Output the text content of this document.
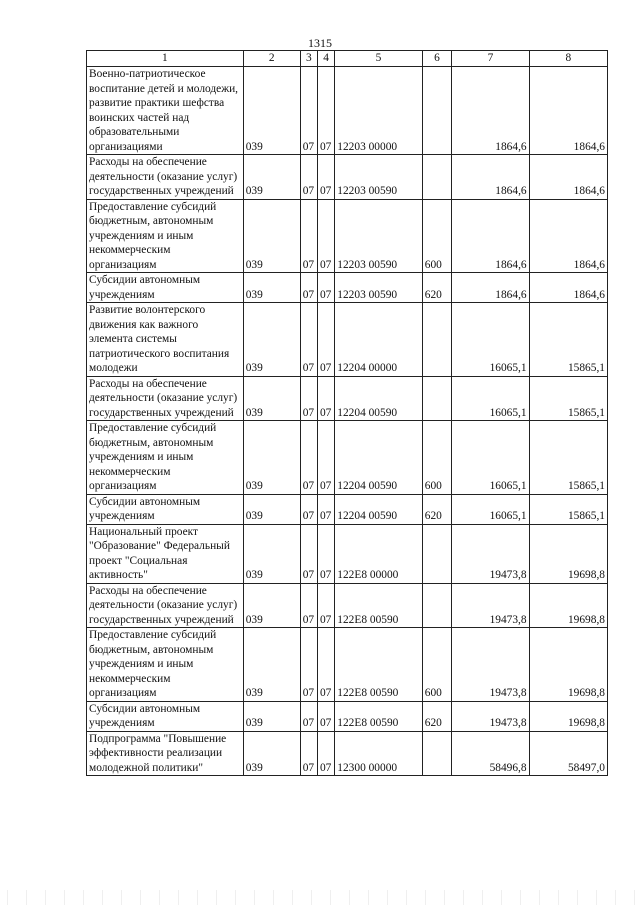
1315
1	2	3	4	5	6	7	8
Военно-патриотическое воспитание детей и молодежи, развитие практики шефства воинских частей над образовательными организациями	039	07	07	12203 00000		1864,6	1864,6
Расходы на обеспечение деятельности (оказание услуг) государственных учреждений	039	07	07	12203 00590		1864,6	1864,6
Предоставление субсидий бюджетным, автономным учреждениям и иным некоммерческим организациям	039	07	07	12203 00590	600	1864,6	1864,6
Субсидии автономным учреждениям	039	07	07	12203 00590	620	1864,6	1864,6
Развитие волонтерского движения как важного элемента системы патриотического воспитания молодежи	039	07	07	12204 00000		16065,1	15865,1
Расходы на обеспечение деятельности (оказание услуг) государственных учреждений	039	07	07	12204 00590		16065,1	15865,1
Предоставление субсидий бюджетным, автономным учреждениям и иным некоммерческим организациям	039	07	07	12204 00590	600	16065,1	15865,1
Субсидии автономным учреждениям	039	07	07	12204 00590	620	16065,1	15865,1
Национальный проект "Образование" Федеральный проект "Социальная активность"	039	07	07	122E8 00000		19473,8	19698,8
Расходы на обеспечение деятельности (оказание услуг) государственных учреждений	039	07	07	122E8 00590		19473,8	19698,8
Предоставление субсидий бюджетным, автономным учреждениям и иным некоммерческим организациям	039	07	07	122E8 00590	600	19473,8	19698,8
Субсидии автономным учреждениям	039	07	07	122E8 00590	620	19473,8	19698,8
Подпрограмма "Повышение эффективности реализации молодежной политики"	039	07	07	12300 00000		58496,8	58497,0
